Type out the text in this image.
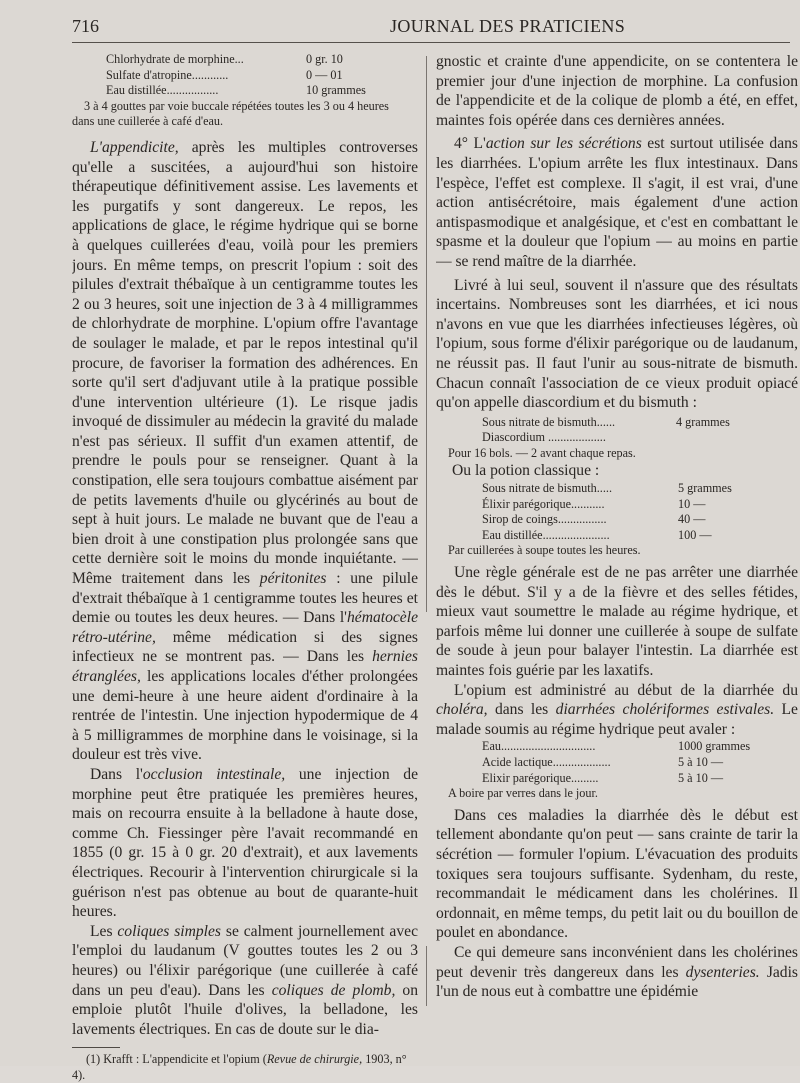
716	JOURNAL DES PRATICIENS
Chlorhydrate de morphine...	0 gr. 10
Sulfate d'atropine............	0 — 01
Eau distillée.................	10 grammes
3 à 4 gouttes par voie buccale répétées toutes les 3 ou 4 heures
dans une cuillerée à café d'eau.

L'appendicite, après les multiples controverses qu'elle a suscitées, a aujourd'hui son histoire thérapeutique définitivement assise. Les lavements et les purgatifs y sont dangereux. Le repos, les applications de glace, le régime hydrique qui se borne à quelques cuillerées d'eau, voilà pour les premiers jours. En même temps, on prescrit l'opium : soit des pilules d'extrait thébaïque à un centigramme toutes les 2 ou 3 heures, soit une injection de 3 à 4 milligrammes de chlorhydrate de morphine. L'opium offre l'avantage de soulager le malade, et par le repos intestinal qu'il procure, de favoriser la formation des adhérences. En sorte qu'il sert d'adjuvant utile à la pratique possible d'une intervention ultérieure (1). Le risque jadis invoqué de dissimuler au médecin la gravité du malade n'est pas sérieux. Il suffit d'un examen attentif, de prendre le pouls pour se renseigner. Quant à la constipation, elle sera toujours combattue aisément par de petits lavements d'huile ou glycérinés au bout de sept à huit jours. Le malade ne buvant que de l'eau a bien droit à une constipation plus prolongée sans que cette dernière soit le moins du monde inquiétante. — Même traitement dans les péritonites : une pilule d'extrait thébaïque à 1 centigramme toutes les heures et demie ou toutes les deux heures. — Dans l'hématocèle rétro-utérine, même médication si des signes infectieux ne se montrent pas. — Dans les hernies étranglées, les applications locales d'éther prolongées une demi-heure à une heure aident d'ordinaire à la rentrée de l'intestin. Une injection hypodermique de 4 à 5 milligrammes de morphine dans le voisinage, si la douleur est très vive.

Dans l'occlusion intestinale, une injection de morphine peut être pratiquée les premières heures, mais on recourra ensuite à la belladone à haute dose, comme Ch. Fiessinger père l'avait recommandé en 1855 (0 gr. 15 à 0 gr. 20 d'extrait), et aux lavements électriques. Recourir à l'intervention chirurgicale si la guérison n'est pas obtenue au bout de quarante-huit heures.

Les coliques simples se calment journellement avec l'emploi du laudanum (V gouttes toutes les 2 ou 3 heures) ou l'élixir parégorique (une cuillerée à café dans un peu d'eau). Dans les coliques de plomb, on emploie plutôt l'huile d'olives, la belladone, les lavements électriques. En cas de doute sur le dia-

(1) Krafft : L'appendicite et l'opium (Revue de chirurgie, 1903, n° 4).

gnostic et crainte d'une appendicite, on se contentera le premier jour d'une injection de morphine. La confusion de l'appendicite et de la colique de plomb a été, en effet, maintes fois opérée dans ces dernières années.

4° L'action sur les sécrétions est surtout utilisée dans les diarrhées. L'opium arrête les flux intestinaux. Dans l'espèce, l'effet est complexe. Il s'agit, il est vrai, d'une action antisécrétoire, mais également d'une action antispasmodique et analgésique, et c'est en combattant le spasme et la douleur que l'opium — au moins en partie — se rend maître de la diarrhée.

Livré à lui seul, souvent il n'assure que des résultats incertains. Nombreuses sont les diarrhées, et ici nous n'avons en vue que les diarrhées infectieuses légères, où l'opium, sous forme d'élixir parégorique ou de laudanum, ne réussit pas. Il faut l'unir au sous-nitrate de bismuth. Chacun connaît l'association de ce vieux produit opiacé qu'on appelle diascordium et du bismuth :

Sous nitrate de bismuth......	4 grammes
Diascordium ...................	
Pour 16 bols. — 2 avant chaque repas.

Ou la potion classique :

Sous nitrate de bismuth.....	5 grammes
Élixir parégorique...........	10 —
Sirop de coings................	40 —
Eau distillée......................	100 —
Par cuillerées à soupe toutes les heures.

Une règle générale est de ne pas arrêter une diarrhée dès le début. S'il y a de la fièvre et des selles fétides, mieux vaut soumettre le malade au régime hydrique, et parfois même lui donner une cuillerée à soupe de sulfate de soude à jeun pour balayer l'intestin. La diarrhée est maintes fois guérie par les laxatifs.

L'opium est administré au début de la diarrhée du choléra, dans les diarrhées cholériformes estivales. Le malade soumis au régime hydrique peut avaler :

Eau...............................	1000 grammes
Acide lactique...................	5 à 10 —
Elixir parégorique.........	5 à 10 —
A boire par verres dans le jour.

Dans ces maladies la diarrhée dès le début est tellement abondante qu'on peut — sans crainte de tarir la sécrétion — formuler l'opium. L'évacuation des produits toxiques sera toujours suffisante. Sydenham, du reste, recommandait le médicament dans les cholérines. Il ordonnait, en même temps, du petit lait ou du bouillon de poulet en abondance.

Ce qui demeure sans inconvénient dans les cholérines peut devenir très dangereux dans les dysenteries. Jadis l'un de nous eut à combattre une épidémie
